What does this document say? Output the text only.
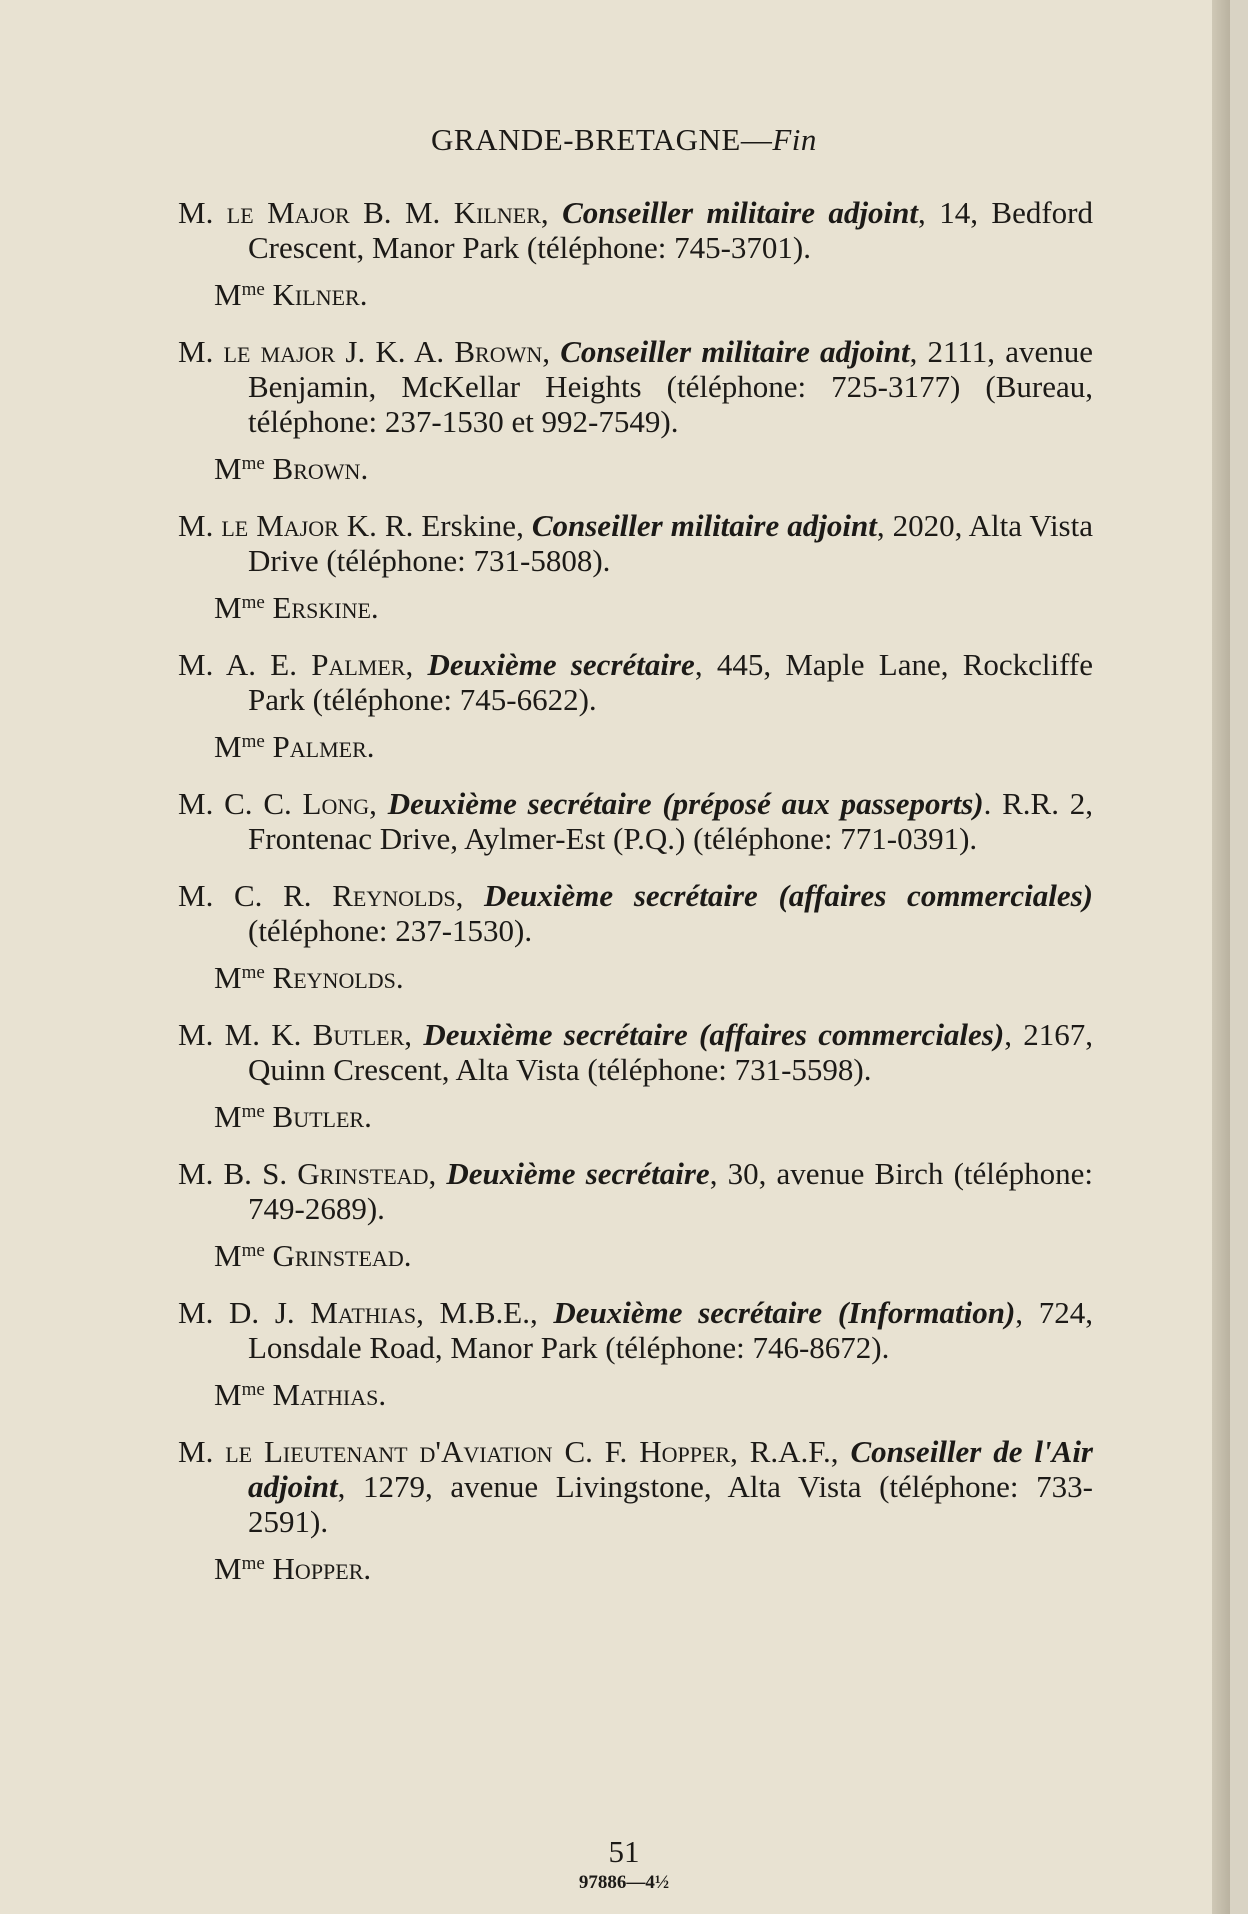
GRANDE-BRETAGNE—Fin
M. le Major B. M. Kilner, Conseiller militaire adjoint, 14, Bedford Crescent, Manor Park (téléphone: 745-3701).
$M^{me}$ Kilner.
M. le major J. K. A. Brown, Conseiller militaire adjoint, 2111, avenue Benjamin, McKellar Heights (téléphone: 725-3177) (Bureau, téléphone: 237-1530 et 992-7549).
$M^{me}$ Brown.
M. le Major K. R. Erskine, Conseiller militaire adjoint, 2020, Alta Vista Drive (téléphone: 731-5808).
$M^{me}$ Erskine.
M. A. E. Palmer, Deuxième secrétaire, 445, Maple Lane, Rockcliffe Park (téléphone: 745-6622).
$M^{me}$ Palmer.
M. C. C. Long, Deuxième secrétaire (préposé aux passeports). R.R. 2, Frontenac Drive, Aylmer-Est (P.Q.) (téléphone: 771-0391).
M. C. R. Reynolds, Deuxième secrétaire (affaires commerciales) (téléphone: 237-1530).
$M^{me}$ Reynolds.
M. M. K. Butler, Deuxième secrétaire (affaires commerciales), 2167, Quinn Crescent, Alta Vista (téléphone: 731-5598).
$M^{me}$ Butler.
M. B. S. Grinstead, Deuxième secrétaire, 30, avenue Birch (téléphone: 749-2689).
$M^{me}$ Grinstead.
M. D. J. Mathias, M.B.E., Deuxième secrétaire (Information), 724, Lonsdale Road, Manor Park (téléphone: 746-8672).
$M^{me}$ Mathias.
M. le Lieutenant d'Aviation C. F. Hopper, R.A.F., Conseiller de l'Air adjoint, 1279, avenue Livingstone, Alta Vista (téléphone: 733-2591).
$M^{me}$ Hopper.
51
97886—4½
